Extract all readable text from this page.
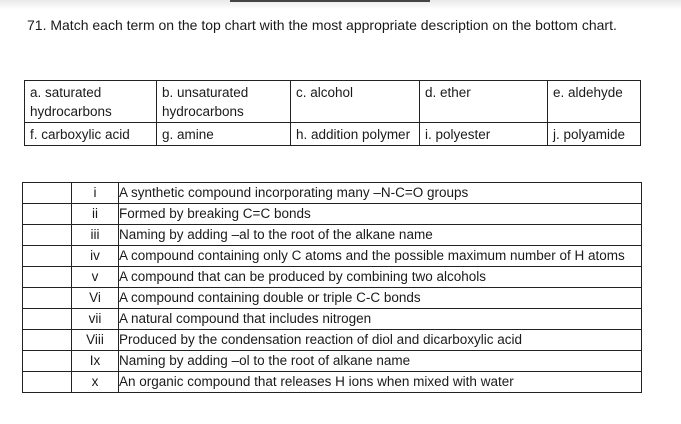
71. Match each term on the top chart with the most appropriate description on the bottom chart.
a. saturated hydrocarbons	b. unsaturated hydrocarbons	c. alcohol	d. ether	e. aldehyde
f. carboxylic acid	g. amine	h. addition polymer	i. polyester	j. polyamide
	i	A synthetic compound incorporating many –N-C=O groups
	ii	Formed by breaking C=C bonds
	iii	Naming by adding –al to the root of the alkane name
	iv	A compound containing only C atoms and the possible maximum number of H atoms
	v	A compound that can be produced by combining two alcohols
	Vi	A compound containing double or triple C-C bonds
	vii	A natural compound that includes nitrogen
	Viii	Produced by the condensation reaction of diol and dicarboxylic acid
	Ix	Naming by adding –ol to the root of alkane name
	x	An organic compound that releases H ions when mixed with water
